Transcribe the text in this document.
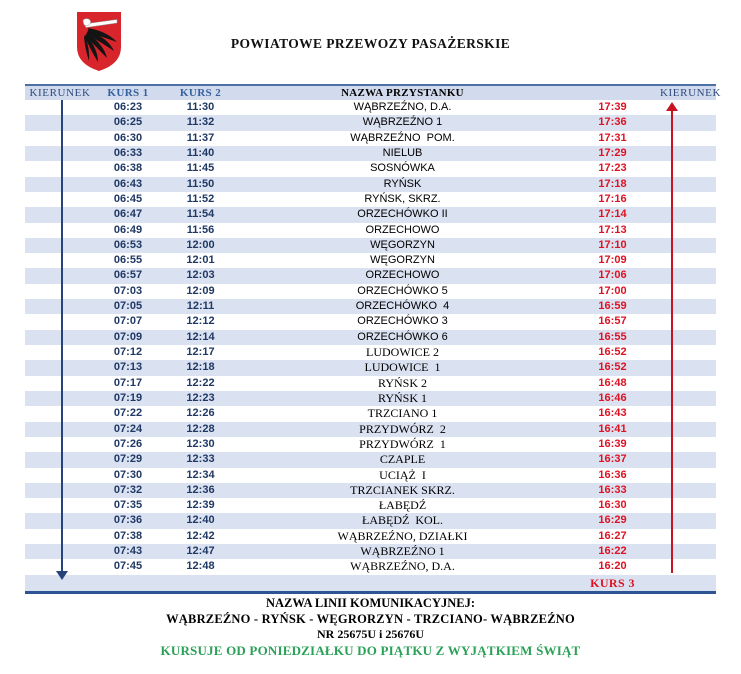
POWIATOWE PRZEWOZY PASAŻERSKIE
KIERUNEK	KURS 1	KURS 2	NAZWA PRZYSTANKU	KIERUNEK
06:23	11:30	WĄBRZEŹNO, D.A.	17:39
06:25	11:32	WĄBRZEŹNO 1	17:36
06:30	11:37	WĄBRZEŹNO  POM.	17:31
06:33	11:40	NIELUB	17:29
06:38	11:45	SOSNÓWKA	17:23
06:43	11:50	RYŃSK	17:18
06:45	11:52	RYŃSK, SKRZ.	17:16
06:47	11:54	ORZECHÓWKO II	17:14
06:49	11:56	ORZECHOWO	17:13
06:53	12:00	WĘGORZYN	17:10
06:55	12:01	WĘGORZYN	17:09
06:57	12:03	ORZECHOWO	17:06
07:03	12:09	ORZECHÓWKO 5	17:00
07:05	12:11	ORZECHÓWKO  4	16:59
07:07	12:12	ORZECHÓWKO 3	16:57
07:09	12:14	ORZECHÓWKO 6	16:55
07:12	12:17	LUDOWICE 2	16:52
07:13	12:18	LUDOWICE  1	16:52
07:17	12:22	RYŃSK 2	16:48
07:19	12:23	RYŃSK 1	16:46
07:22	12:26	TRZCIANO 1	16:43
07:24	12:28	PRZYDWÓRZ  2	16:41
07:26	12:30	PRZYDWÓRZ  1	16:39
07:29	12:33	CZAPLE	16:37
07:30	12:34	UCIĄŻ  I	16:36
07:32	12:36	TRZCIANEK SKRZ.	16:33
07:35	12:39	ŁABĘDŹ	16:30
07:36	12:40	ŁABĘDŹ  KOL.	16:29
07:38	12:42	WĄBRZEŹNO, DZIAŁKI	16:27
07:43	12:47	WĄBRZEŹNO 1	16:22
07:45	12:48	WĄBRZEŹNO, D.A.	16:20
KURS 3
NAZWA LINII KOMUNIKACYJNEJ:
WĄBRZEŹNO - RYŃSK - WĘGRORZYN - TRZCIANO- WĄBRZEŹNO
NR 25675U i 25676U
KURSUJE OD PONIEDZIAŁKU DO PIĄTKU Z WYJĄTKIEM ŚWIĄT
